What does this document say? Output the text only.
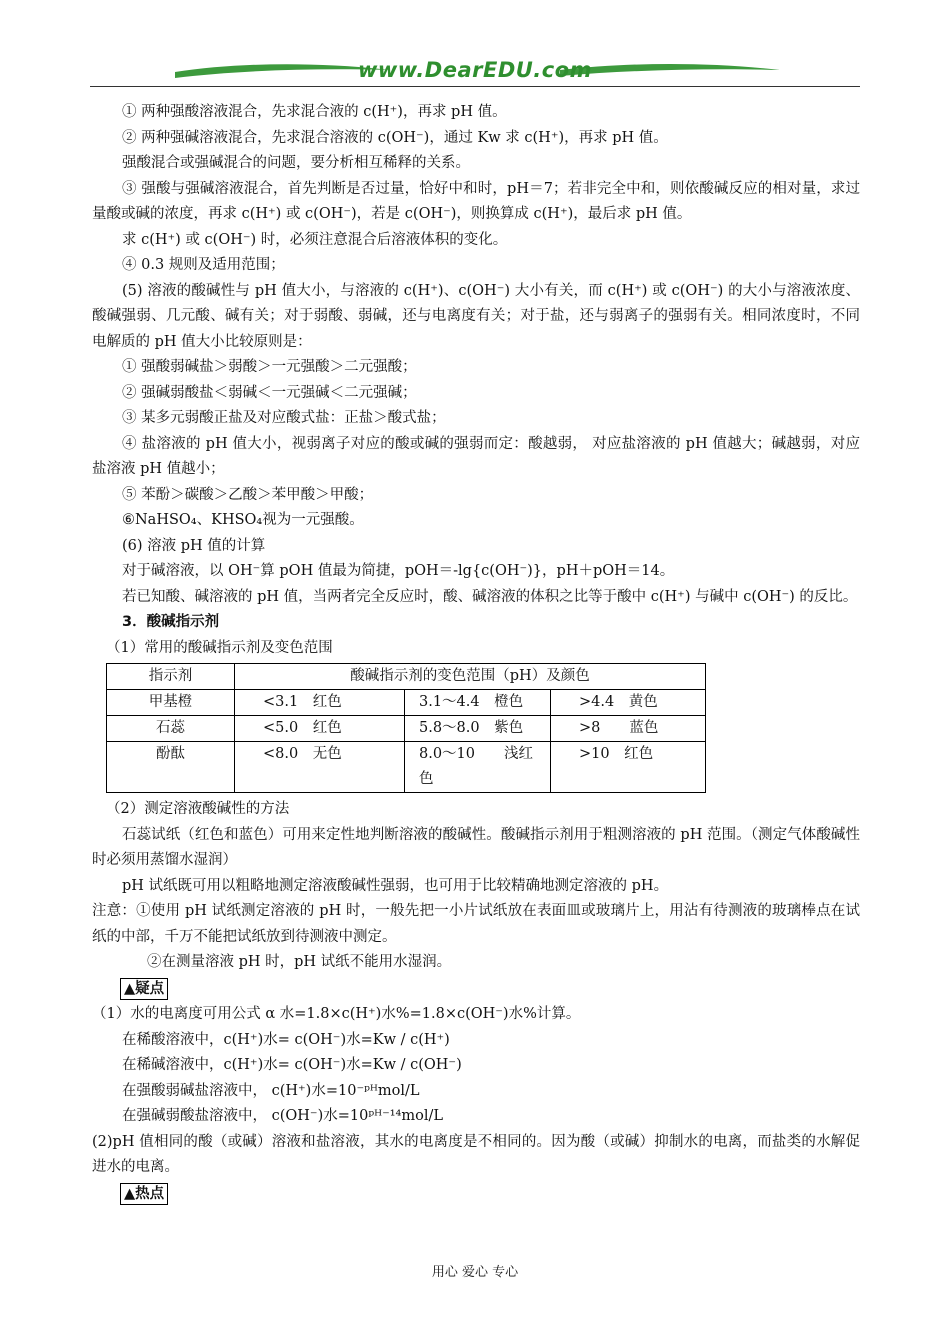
www.DearEDU.com

① 两种强酸溶液混合，先求混合液的 c(H⁺)，再求 pH 值。

② 两种强碱溶液混合，先求混合溶液的 c(OH⁻)，通过 Kw 求 c(H⁺)，再求 pH 值。

强酸混合或强碱混合的问题，要分析相互稀释的关系。

③ 强酸与强碱溶液混合，首先判断是否过量，恰好中和时，pH＝7；若非完全中和，则依酸碱反应的相对量，求过量酸或碱的浓度，再求 c(H⁺) 或 c(OH⁻)，若是 c(OH⁻)，则换算成 c(H⁺)，最后求 pH 值。

求 c(H⁺) 或 c(OH⁻) 时，必须注意混合后溶液体积的变化。

④ 0.3 规则及适用范围；

(5) 溶液的酸碱性与 pH 值大小，与溶液的 c(H⁺)、c(OH⁻) 大小有关，而 c(H⁺) 或 c(OH⁻) 的大小与溶液浓度、酸碱强弱、几元酸、碱有关；对于弱酸、弱碱，还与电离度有关；对于盐，还与弱离子的强弱有关。相同浓度时，不同电解质的 pH 值大小比较原则是：

① 强酸弱碱盐＞弱酸＞一元强酸＞二元强酸；

② 强碱弱酸盐＜弱碱＜一元强碱＜二元强碱；

③ 某多元弱酸正盐及对应酸式盐：正盐＞酸式盐；

④ 盐溶液的 pH 值大小，视弱离子对应的酸或碱的强弱而定：酸越弱， 对应盐溶液的 pH 值越大；碱越弱，对应盐溶液 pH 值越小；

⑤ 苯酚＞碳酸＞乙酸＞苯甲酸＞甲酸；

⑥NaHSO₄、KHSO₄视为一元强酸。

(6) 溶液 pH 值的计算

对于碱溶液，以 OH⁻算 pOH 值最为简捷，pOH＝-lg{c(OH⁻)}，pH＋pOH＝14。

若已知酸、碱溶液的 pH 值，当两者完全反应时，酸、碱溶液的体积之比等于酸中 c(H⁺) 与碱中 c(OH⁻) 的反比。

3．酸碱指示剂

（1）常用的酸碱指示剂及变色范围

指示剂	酸碱指示剂的变色范围（pH）及颜色		
甲基橙	<3.1　红色	3.1～4.4　橙色	>4.4　黄色
石蕊	<5.0　红色	5.8～8.0　紫色	>8　　蓝色
酚酞	<8.0　无色	8.0～10　　浅红色	>10　红色

（2）测定溶液酸碱性的方法

石蕊试纸（红色和蓝色）可用来定性地判断溶液的酸碱性。酸碱指示剂用于粗测溶液的 pH 范围。（测定气体酸碱性时必须用蒸馏水湿润）

pH 试纸既可用以粗略地测定溶液酸碱性强弱，也可用于比较精确地测定溶液的 pH。

注意：①使用 pH 试纸测定溶液的 pH 时，一般先把一小片试纸放在表面皿或玻璃片上，用沾有待测液的玻璃棒点在试纸的中部，千万不能把试纸放到待测液中测定。

②在测量溶液 pH 时，pH 试纸不能用水湿润。

▲疑点

（1）水的电离度可用公式 α 水=1.8×c(H⁺)水%=1.8×c(OH⁻)水%计算。

在稀酸溶液中，c(H⁺)水= c(OH⁻)水=Kw / c(H⁺)

在稀碱溶液中，c(H⁺)水= c(OH⁻)水=Kw / c(OH⁻)

在强酸弱碱盐溶液中， c(H⁺)水=10⁻ᵖᴴmol/L

在强碱弱酸盐溶液中， c(OH⁻)水=10ᵖᴴ⁻¹⁴mol/L

(2)pH 值相同的酸（或碱）溶液和盐溶液，其水的电离度是不相同的。因为酸（或碱）抑制水的电离，而盐类的水解促进水的电离。

▲热点
用心 爱心 专心
